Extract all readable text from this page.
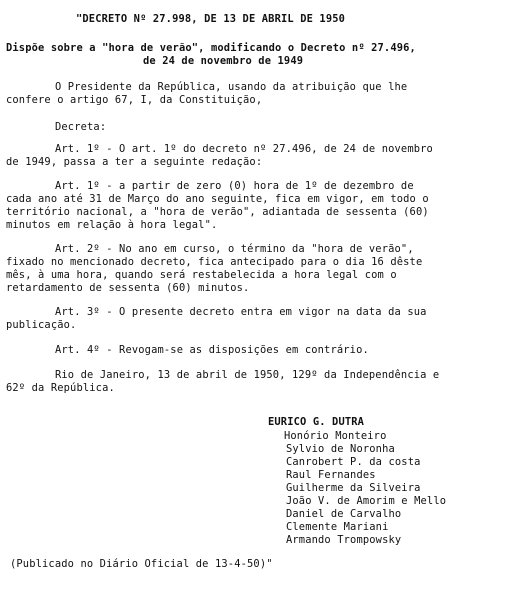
"DECRETO Nº 27.998, DE 13 DE ABRIL DE 1950
Dispõe sobre a "hora de verão", modificando o Decreto nº 27.496,
de 24 de novembro de 1949
O Presidente da República, usando da atribuição que lhe
confere o artigo 67, I, da Constituição,
Decreta:
Art. 1º - O art. 1º do decreto nº 27.496, de 24 de novembro
de 1949, passa a ter a seguinte redação:
Art. 1º - a partir de zero (0) hora de 1º de dezembro de
cada ano até 31 de Março do ano seguinte, fica em vigor, em todo o
território nacional, a "hora de verão", adiantada de sessenta (60)
minutos em relação à hora legal".
Art. 2º - No ano em curso, o término da "hora de verão",
fixado no mencionado decreto, fica antecipado para o dia 16 dêste
mês, à uma hora, quando será restabelecida a hora legal com o
retardamento de sessenta (60) minutos.
Art. 3º - O presente decreto entra em vigor na data da sua
publicação.
Art. 4º - Revogam-se as disposições em contrário.
Rio de Janeiro, 13 de abril de 1950, 129º da Independência e
62º da República.
EURICO G. DUTRA
Honório Monteiro
Sylvio de Noronha
Canrobert P. da costa
Raul Fernandes
Guilherme da Silveira
João V. de Amorim e Mello
Daniel de Carvalho
Clemente Mariani
Armando Trompowsky
(Publicado no Diário Oficial de 13-4-50)"
